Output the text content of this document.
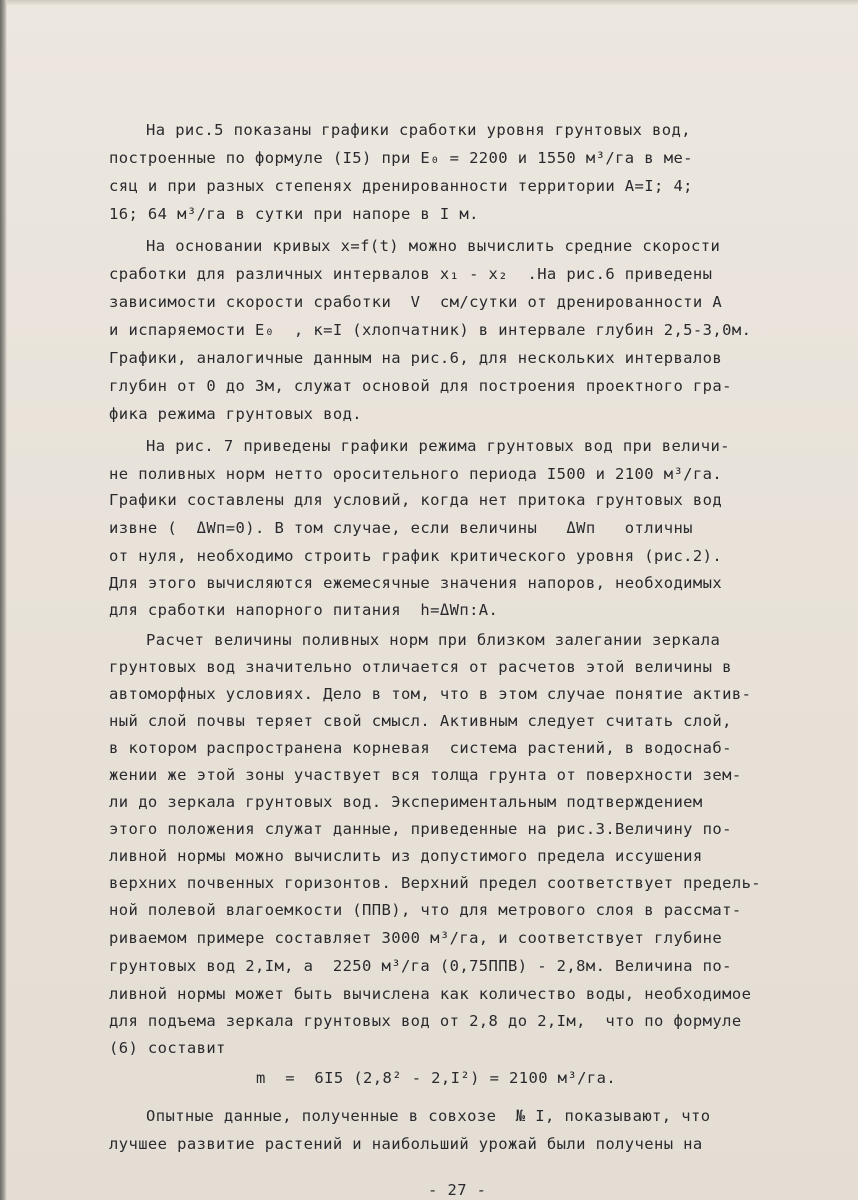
На рис.5 показаны графики сработки уровня грунтовых вод,
построенные по формуле (I5) при E₀ = 2200 и 1550 м³/га в ме-
сяц и при разных степенях дренированности территории A=I; 4;
16; 64 м³/га в сутки при напоре в I м.
На основании кривых x=f(t) можно вычислить средние скорости
сработки для различных интервалов x₁ - x₂  .На рис.6 приведены
зависимости скорости сработки  V  см/сутки от дренированности A
и испаряемости E₀  , к=I (хлопчатник) в интервале глубин 2,5-3,0м.
Графики, аналогичные данным на рис.6, для нескольких интервалов
глубин от 0 до 3м, служат основой для построения проектного гра-
фика режима грунтовых вод.
На рис. 7 приведены графики режима грунтовых вод при величи-
не поливных норм нетто оросительного периода I500 и 2100 м³/га.
Графики составлены для условий, когда нет притока грунтовых вод
извне (  ΔWп=0). В том случае, если величины   ΔWп   отличны
от нуля, необходимо строить график критического уровня (рис.2).
Для этого вычисляются ежемесячные значения напоров, необходимых
для сработки напорного питания  h=ΔWп:A.
Расчет величины поливных норм при близком залегании зеркала
грунтовых вод значительно отличается от расчетов этой величины в
автоморфных условиях. Дело в том, что в этом случае понятие актив-
ный слой почвы теряет свой смысл. Активным следует считать слой,
в котором распространена корневая  система растений, в водоснаб-
жении же этой зоны участвует вся толща грунта от поверхности зем-
ли до зеркала грунтовых вод. Экспериментальным подтверждением
этого положения служат данные, приведенные на рис.3.Величину по-
ливной нормы можно вычислить из допустимого предела иссушения
верхних почвенных горизонтов. Верхний предел соответствует предель-
ной полевой влагоемкости (ППВ), что для метрового слоя в рассмат-
риваемом примере составляет 3000 м³/га, и соответствует глубине
грунтовых вод 2,Iм, а  2250 м³/га (0,75ППВ) - 2,8м. Величина по-
ливной нормы может быть вычислена как количество воды, необходимое
для подъема зеркала грунтовых вод от 2,8 до 2,Iм,  что по формуле
(6) составит
m  =  6I5 (2,8² - 2,I²) = 2100 м³/га.
Опытные данные, полученные в совхозе  № I, показывают, что
лучшее развитие растений и наибольший урожай были получены на
- 27 -
